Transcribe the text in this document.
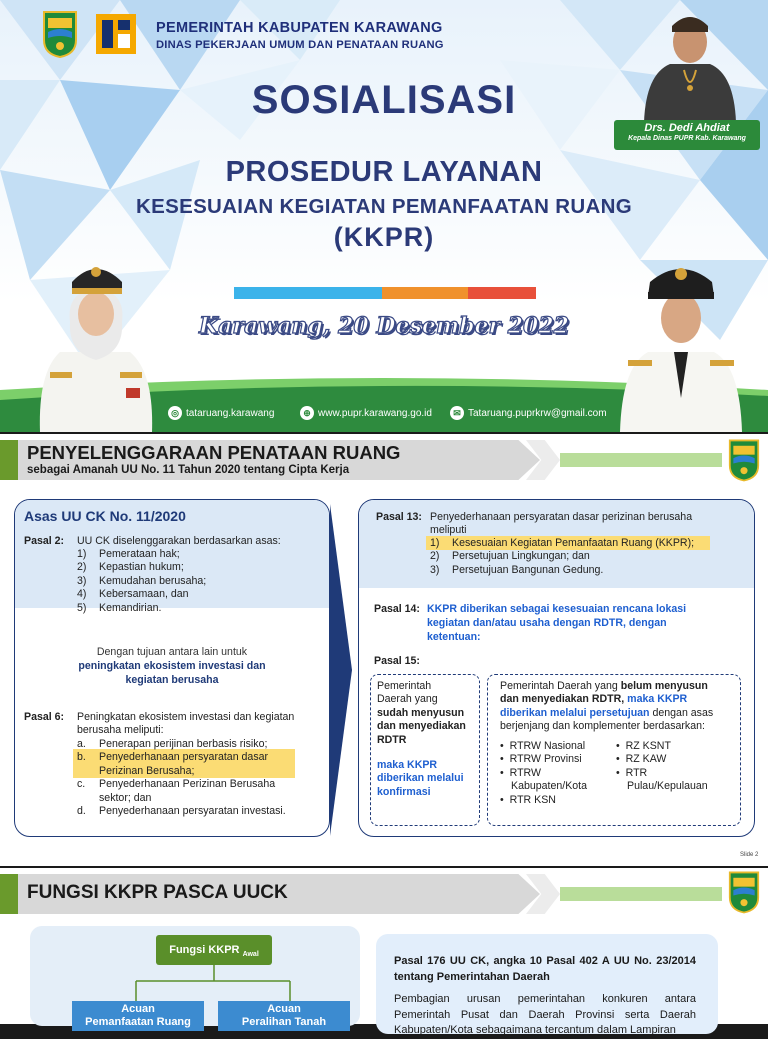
PEMERINTAH KABUPATEN KARAWANG
DINAS PEKERJAAN UMUM DAN PENATAAN RUANG
SOSIALISASI
PROSEDUR LAYANAN
KESESUAIAN KEGIATAN PEMANFAATAN RUANG
(KKPR)
Karawang, 20 Desember 2022
Drs. Dedi Ahdiat
Kepala Dinas PUPR Kab. Karawang
◎ tataruang.karawang	⊕ www.pupr.karawang.go.id	✉ Tataruang.puprkrw@gmail.com
PENYELENGGARAAN PENATAAN RUANG
sebagai Amanah UU No. 11 Tahun 2020 tentang Cipta Kerja
Asas UU CK No. 11/2020
Pasal 2: UU CK diselenggarakan berdasarkan asas:
1) Pemerataan hak;
2) Kepastian hukum;
3) Kemudahan berusaha;
4) Kebersamaan, dan
5) Kemandirian.
Dengan tujuan antara lain untuk
peningkatan ekosistem investasi dan
kegiatan berusaha
Pasal 6: Peningkatan ekosistem investasi dan kegiatan
berusaha meliputi:
a. Penerapan perijinan berbasis risiko;
b. Penyederhanaan persyaratan dasar
Perizinan Berusaha;
c. Penyederhanaan Perizinan Berusaha
sektor; dan
d. Penyederhanaan persyaratan investasi.
Pasal 13: Penyederhanaan persyaratan dasar perizinan berusaha
meliputi
1) Kesesuaian Kegiatan Pemanfaatan Ruang (KKPR);
2) Persetujuan Lingkungan; dan
3) Persetujuan Bangunan Gedung.
Pasal 14: KKPR diberikan sebagai kesesuaian rencana lokasi
kegiatan dan/atau usaha dengan RDTR, dengan
ketentuan:
Pasal 15:
Pemerintah
Daerah yang
sudah menyusun
dan menyediakan
RDTR
maka KKPR
diberikan melalui
konfirmasi
Pemerintah Daerah yang belum menyusun
dan menyediakan RDTR, maka KKPR
diberikan melalui persetujuan dengan asas
berjenjang dan komplementer berdasarkan:
•  RTRW Nasional
•  RTRW Provinsi
•  RTRW
Kabupaten/Kota
•  RTR KSN
•  RZ KSNT
•  RZ KAW
•  RTR
Pulau/Kepulauan
Slide 2
FUNGSI KKPR PASCA UUCK
Fungsi KKPR $_{Awal}$
Acuan
Pemanfaatan Ruang
Acuan
Peralihan Tanah
Pasal 176 UU CK, angka 10 Pasal 402 A UU No. 23/2014 tentang Pemerintahan Daerah
Pembagian urusan pemerintahan konkuren antara Pemerintah Pusat dan Daerah Provinsi serta Daerah Kabupaten/Kota sebagaimana tercantum dalam Lampiran
